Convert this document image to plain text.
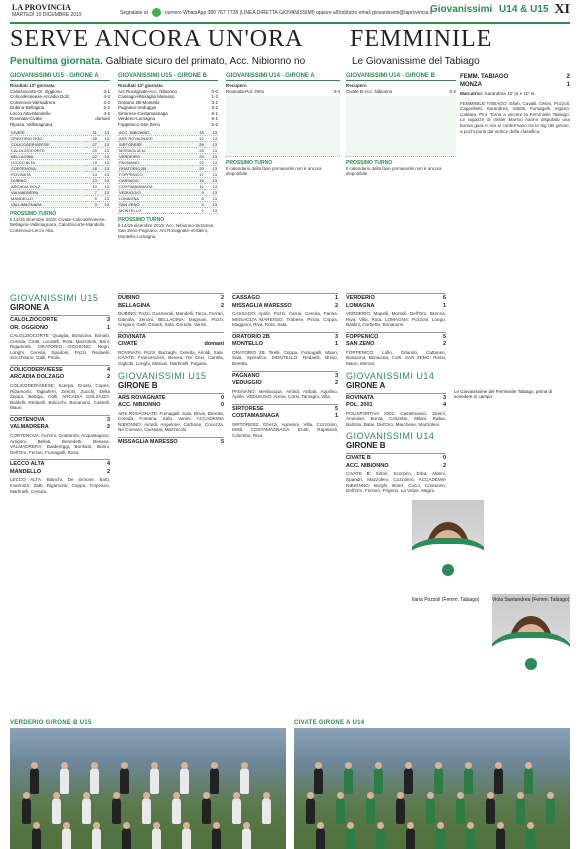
LA PROVINCIA
MARTEDÌ 10 DICEMBRE 2019	Segnalate al	numero WhatsApp 380 767 7728 (LINEA DIRETTA GIOVANISSIMI) oppure all'indirizzo email giovanissimi@laprovincia.it
Giovanissimi U14 & U15 XI
SERVE ANCORA UN'ORA FEMMINILE
Penultima giornata. Galbiate sicuro del primato, Acc. Nibionno no	Le Giovanissime del Tabiago
GIOVANISSIMI U15 - GIRONE A
Risultati 13ª giornata
Calolziocorte-Or. Oggiono	3-1
Colicodervieese-Arcadia Dolz.	4-2
Cortenova-Valmadrera	3-2
Dubino-Bellagina	2-2
Lecco Alta-Mandello	4-2
Rovinata-Civate	domani
Riposa: Vallimagnara
CIVATE	31	13
ORATORIO OGG.	28	13
COLICODERVIEESE	27	13
CALOLZIOCORTE	25	13
BELLAGINA	22	13
LECCO ALTA	19	13
CORTENOVA	18	13
ROVINATA	14	13
DUBINO	13	13
ARCADIA DOLZ.	10	13
VALMADRERA	7	13
MANDELLO	5	13
VALLIMAGNARA	3	13
PROSSIMO TURNO
Il 14/15 dicembre 2019: Civate-Colicodervieese, Bellagina-Vallimagnara, Calolziocorte-Mandello, Cortenova-Lecco Alta.
GIOVANISSIMI U15 - GIRONE B
Risultati 13ª giornata
Ars Rovagnate-Acc. Nibionno	0-0
Cassago-Missaglia Maresso	1-2
Oratorio 2B-Montello	3-1
Pagnano-Veduggio	3-2
Sirtorese-Costamasnaga	5-1
Verdeiro-Lomagna	6-1
Foppenico-San Zeno	5-2
ACC. NIBIONNO	33	13
ARS ROVAGNATE	31	13
SIRTORESE	28	13
MISSAGLIA M.	26	13
VERDEIRO	24	13
PAGNANO	22	13
ORATORIO 2B	20	13
FOPPENICO	17	13
CASSAGO	15	13
COSTAMASNAGA	11	13
VEDUGGIO	9	13
LOMAGNA	6	13
SAN ZENO	4	13
MONTELLO	2	13
PROSSIMO TURNO
Il 14/15 dicembre 2019: Acc. Nibionno-Sirtorese, San Zeno-Pagnano, Ars Rovagnate-Verdeiro, Montello-Lomagna.
GIOVANISSIMI U14 - GIRONE A
Recupero
Rovinata-Pol. 2001	3-4
PROSSIMO TURNO
Il calendario della fase primaverile non è ancora disponibile.
GIOVANISSIMI U14 - GIRONE B
Recupero
Civate B-Acc. Nibionno	0-2
PROSSIMO TURNO
Il calendario della fase primaverile non è ancora disponibile.
FEMM. TABIAGO	2
MONZA	1
Marcatrici: Sarandrea 10' pt e 10' st.
FEMMINILE TABIAGO: Ellah, Cavalli, Orsini, Pozzoli, Cappelletti, Sarandrea, Valetti, Fumagalli, Viganò, Caldara, Pini. Torna a vincere la Femminile Tabiago. Le ragazze di mister Marino hanno disputato una buona gara e ora si confermano tra le big del girone, a pochi punti dal vertice della classifica.
GIOVANISSIMI U15
GIRONE A
CALOLZIOCORTE	3
OR. OGGIONO	1
CALOLZIOCORTE: Quaglia, Bonacina, Bonaiti, Cereda, Crotti, Locatelli, Rota, Mazzoleni, Brini, Rigamonti. ORATORIO OGGIONO: Negri, Longhi, Cereda, Spadoni, Pozzi, Redaelli, Scicchitano, Galli, Pirola.
COLICODERVIEESE	4
ARCADIA DOLZAGO	2
COLICODERVIEESE: Scerpa, Grossi, Copes, Ripamonti, Tagliaferri, Zenoni, Zucchi, Della Zoppa, Bettiga, Colli. ARCADIA DOLZAGO: Baldelli, Redaelli, Bolocchi, Bonanomi, Castelli, Mauri.
CORTENOVA	3
VALMADRERA	2
CORTENOVA: Fazzini, Grattarola, Acquistapace, Arrigoni, Bellati, Benedetti, Besana. VALMADRERA: Baldereggi, Bonfanti, Burini, Dell'Oro, Ferrari, Fumagalli, Rosa.
LECCO ALTA	4
MANDELLO	2
LECCO ALTA: Bianchi, De Simone, Butti, Invernizzi, Zatti, Rigamonti, Crippa, Tropeano, Martinelli, Cereda.
DUBINO	2
BELLAGINA	2
DUBINO: Pozzi, Gusmeroli, Mandelli, Tarca, Ferrari, Gianola, Zenoni. BELLAGINA: Magnani, Pozzi, Arrigoni, Galli, Grandi, Sala, Cereda, Vanini.
ROVINATA
CIVATE	domani
ROVINATA: Pozzi, Barzaghi, Cereda, Airoldi, Sala. CIVATE: Franceschini, Berera, De Ceci, Carella, Gigliotti, Longhi, Mariani, Martinelli, Pagana.
GIOVANISSIMI U15
GIRONE B
ARS ROVAGNATE	0
ACC. NIBIONNO	0
ARS ROVAGNATE: Fumagalli, Sala, Brivio, Beretta, Cereda, Fontana, Sala, Vanini. ACCADEMIA NIBIONNO: Airoldi, Angelone, Carbone, Cocuzza, Ne Cornaro, Giussani, Mazzucchi.
MISSAGLIA MARESSO	5
CASSAGO	1
MISSAGLIA MARESSO	2
CASSAGO: Aprile, Pozzi, Cerrai, Cereda, Farina. MISSAGLIA MARESSO: Trabese, Pirola, Crippa, Maggioni, Riva, Rota, Sala.
ORATORIO 2B	3
MONTELLO	1
ORATORIO 2B: Tirelli, Crippa, Fumagalli, Mauri, Sala, Spreafico. MONTELLO: Redaelli, Brivio, Beretta.
PAGNANO	3
VEDUGGIO	2
PAGNANO: Bevilacqua, Airoldi, Abbati, Aquilino, Aprile. VEDUGGIO: Arena, Corsi, Tamagni, Villa.
SIRTORESE	5
COSTAMASNAGA	1
SIRTORESE: Ghezzi, Agnesini, Villa, Cozzolino, Motti. COSTAMASNAGA: Erutti, Rapisardi, Colombo, Riva.
VERDERIO	6
LOMAGNA	1
VERDERIO: Mapelli, Montoli, Dell'Oro, Brenna, Riva, Villa, Rota. LOMAGNA: Pozzoni, Longo, Baldini, Corbetta, Bonanomi.
FOPPENICO	5
SAN ZENO	2
FOPPENICO: Lollo, Orlando, Cattaneo, Bonacina, Bonacina, Corti. SAN ZENO: Rossi, Mauri, Meroni.
GIOVANISSIMI U14
GIRONE A
ROVINATA	3
POL. 2001	4
POLISPORTIVA 2001: Castelnuovo, Zanini, Amenise, Bonta, Colombo, Milani, Rabia, Balzola, Batai, Dell'Oro, Marchese, Mazzoleni.
GIOVANISSIMI U14
GIRONE B
CIVATE B	0
ACC. NIBIONNO	2
CIVATE B: Sirtori, Scorpiro, Erba, Aldeni, Spandri, Mazzoleni, Cozzolino. ACCADEMIA NIBIONNO: Borghi, Boeri, Cucci, Contarino, Dell'Oro, Ferraro, Frigerio, La Volpe, Magni.
Le Giovanissime del Femminile Tabiago, prima di scendere in campo
Ilaria Pozzoli (Femm. Tabiago)	Viola Santandrea (Femm. Tabiago)
VERDERIO GIRONE B U15	CIVATE GIRONE A U14
